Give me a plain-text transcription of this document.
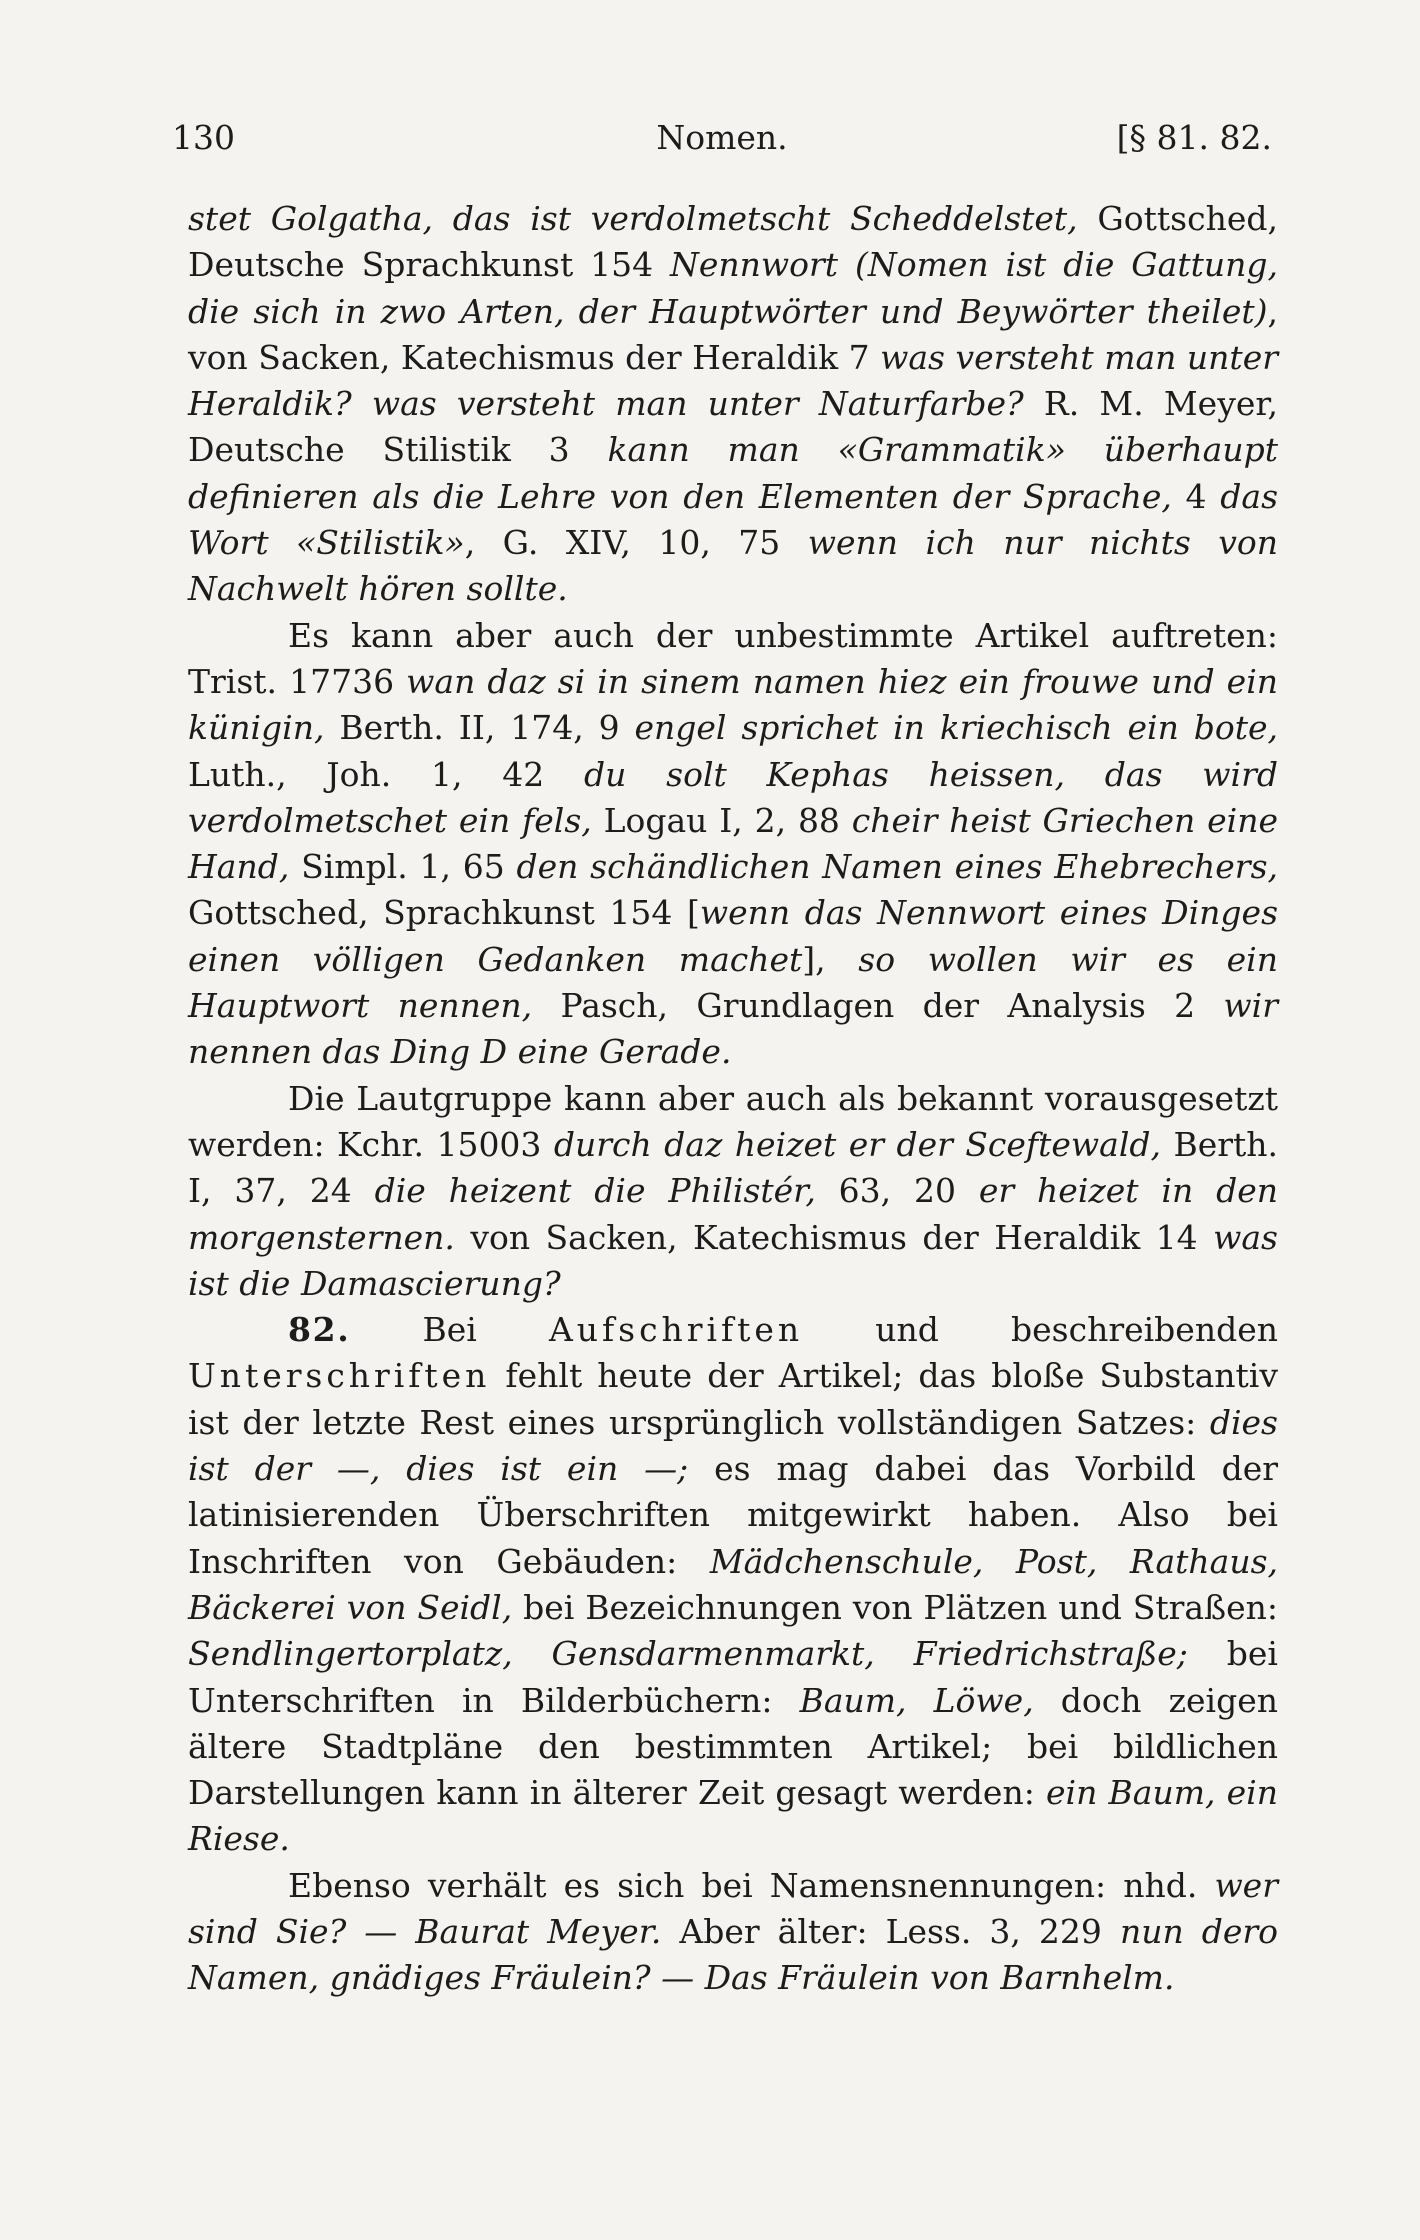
130	Nomen.	[§ 81. 82.

stet Golgatha, das ist verdolmetscht Scheddelstet, Gottsched, Deutsche Sprachkunst 154 Nennwort (Nomen ist die Gattung, die sich in zwo Arten, der Hauptwörter und Beywörter theilet), von Sacken, Katechismus der Heraldik 7 was versteht man unter Heraldik? was versteht man unter Naturfarbe? R. M. Meyer, Deutsche Stilistik 3 kann man «Grammatik» überhaupt definieren als die Lehre von den Elementen der Sprache, 4 das Wort «Stilistik», G. XIV, 10, 75 wenn ich nur nichts von Nachwelt hören sollte.

Es kann aber auch der unbestimmte Artikel auftreten: Trist. 17736 wan daz si in sinem namen hiez ein frouwe und ein künigin, Berth. II, 174, 9 engel sprichet in kriechisch ein bote, Luth., Joh. 1, 42 du solt Kephas heissen, das wird verdolmetschet ein fels, Logau I, 2, 88 cheir heist Griechen eine Hand, Simpl. 1, 65 den schändlichen Namen eines Ehebrechers, Gottsched, Sprachkunst 154 [wenn das Nennwort eines Dinges einen völligen Gedanken machet], so wollen wir es ein Hauptwort nennen, Pasch, Grundlagen der Analysis 2 wir nennen das Ding D eine Gerade.

Die Lautgruppe kann aber auch als bekannt vorausgesetzt werden: Kchr. 15003 durch daz heizet er der Sceftewald, Berth. I, 37, 24 die heizent die Philistér, 63, 20 er heizet in den morgensternen. von Sacken, Katechismus der Heraldik 14 was ist die Damascierung?

82. Bei Aufschriften und beschreibenden Unterschriften fehlt heute der Artikel; das bloße Substantiv ist der letzte Rest eines ursprünglich vollständigen Satzes: dies ist der —, dies ist ein —; es mag dabei das Vorbild der latinisierenden Überschriften mitgewirkt haben. Also bei Inschriften von Gebäuden: Mädchenschule, Post, Rathaus, Bäckerei von Seidl, bei Bezeichnungen von Plätzen und Straßen: Sendlingertorplatz, Gensdarmenmarkt, Friedrichstraße; bei Unterschriften in Bilderbüchern: Baum, Löwe, doch zeigen ältere Stadtpläne den bestimmten Artikel; bei bildlichen Darstellungen kann in älterer Zeit gesagt werden: ein Baum, ein Riese.

Ebenso verhält es sich bei Namensnennungen: nhd. wer sind Sie? — Baurat Meyer. Aber älter: Less. 3, 229 nun dero Namen, gnädiges Fräulein? — Das Fräulein von Barnhelm.
